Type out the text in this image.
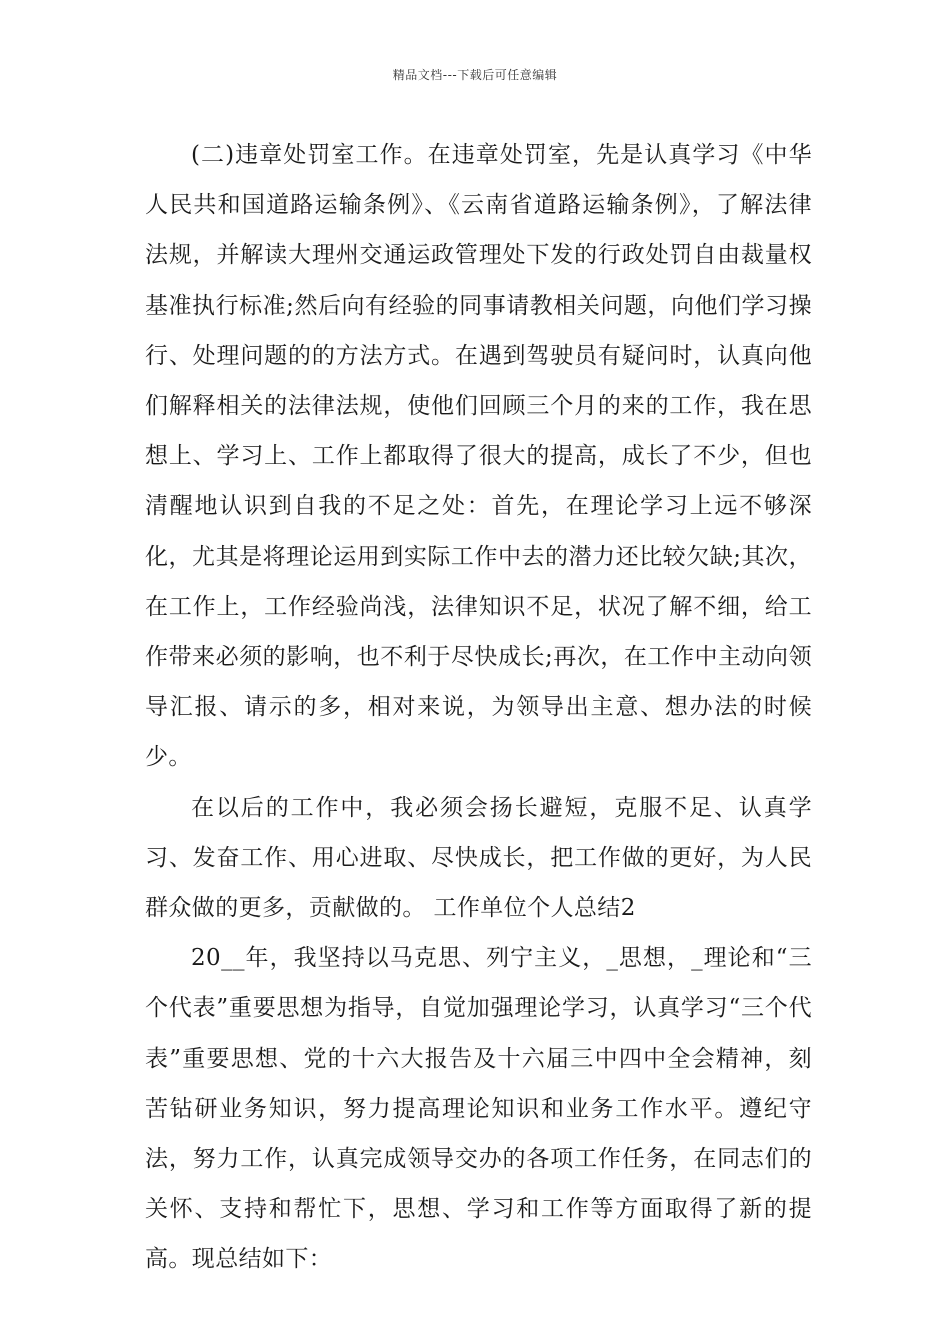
精品文档---下载后可任意编辑

(二)违章处罚室工作。在违章处罚室，先是认真学习《中华人民共和国道路运输条例》、《云南省道路运输条例》，了解法律法规，并解读大理州交通运政管理处下发的行政处罚自由裁量权基准执行标准;然后向有经验的同事请教相关问题，向他们学习操行、处理问题的的方法方式。在遇到驾驶员有疑问时，认真向他们解释相关的法律法规，使他们回顾三个月的来的工作，我在思想上、学习上、工作上都取得了很大的提高，成长了不少，但也清醒地认识到自我的不足之处：首先，在理论学习上远不够深化，尤其是将理论运用到实际工作中去的潜力还比较欠缺;其次，在工作上，工作经验尚浅，法律知识不足，状况了解不细，给工作带来必须的影响，也不利于尽快成长;再次，在工作中主动向领导汇报、请示的多，相对来说，为领导出主意、想办法的时候少。

在以后的工作中，我必须会扬长避短，克服不足、认真学习、发奋工作、用心进取、尽快成长，把工作做的更好，为人民群众做的更多，贡献做的。 工作单位个人总结2

20__年，我坚持以马克思、列宁主义，_思想，_理论和“三个代表”重要思想为指导，自觉加强理论学习，认真学习“三个代表”重要思想、党的十六大报告及十六届三中四中全会精神，刻苦钻研业务知识，努力提高理论知识和业务工作水平。遵纪守法，努力工作，认真完成领导交办的各项工作任务，在同志们的关怀、支持和帮忙下，思想、学习和工作等方面取得了新的提高。现总结如下：
